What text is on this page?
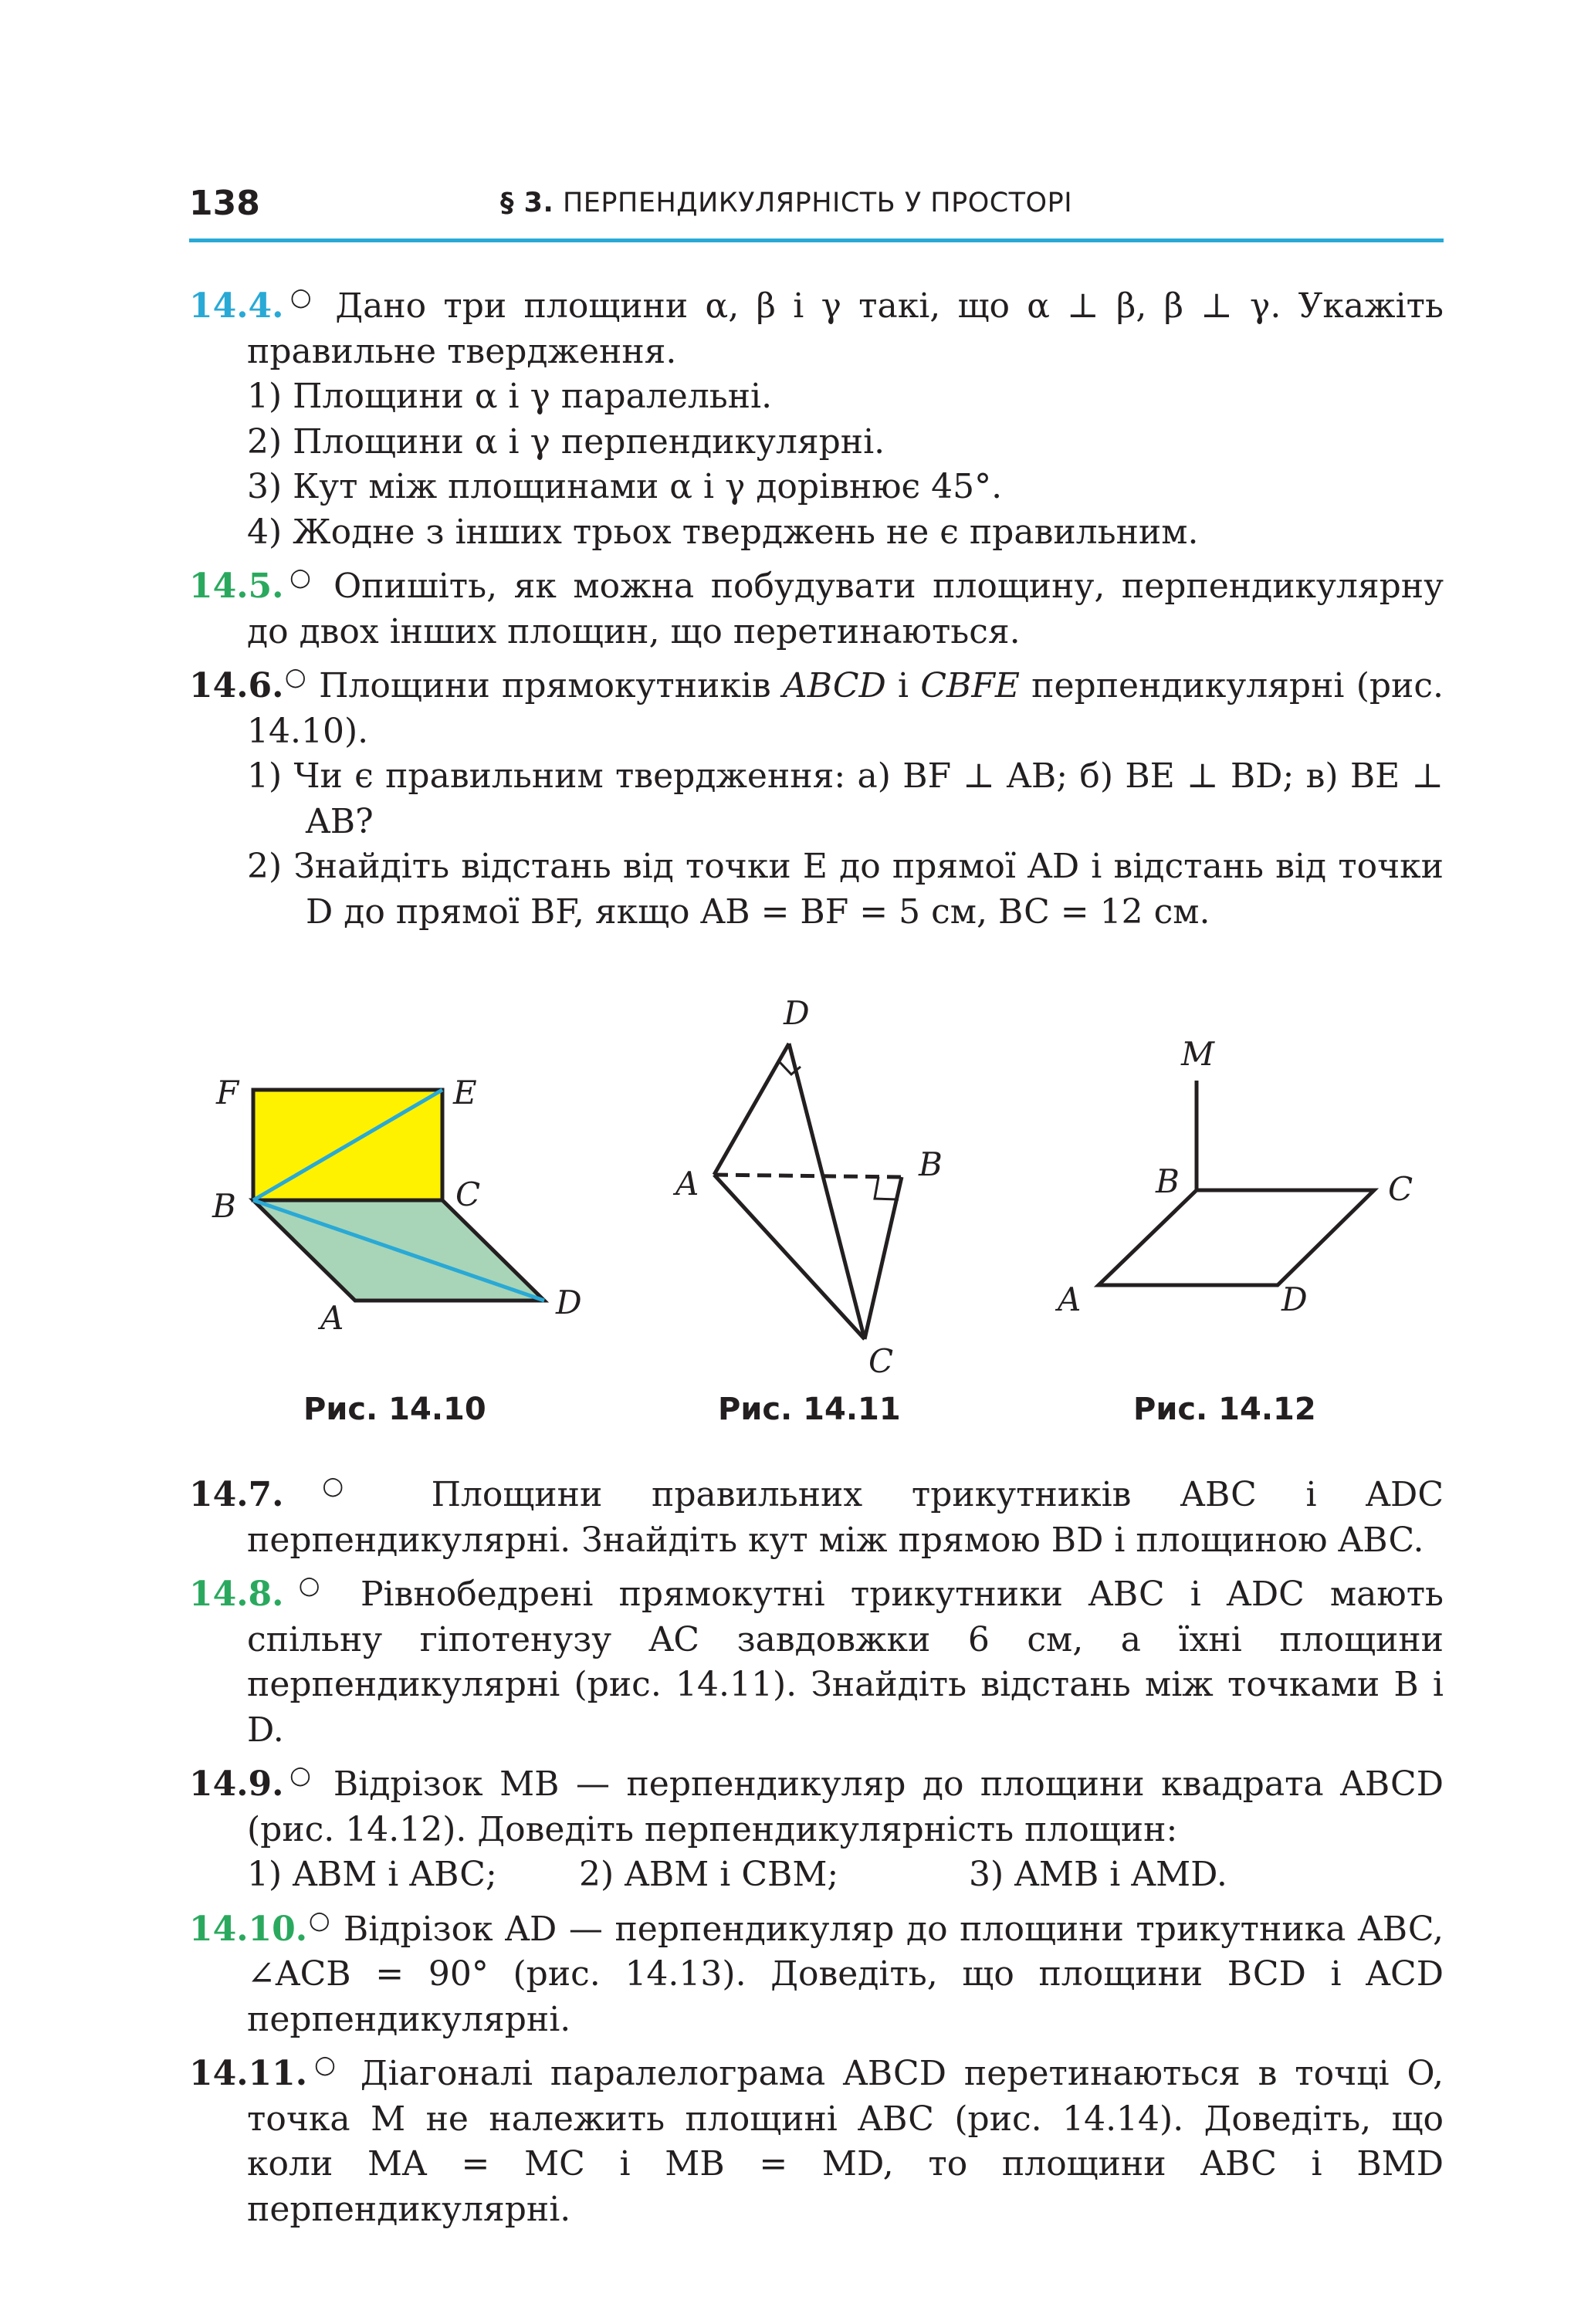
138	§ 3. ПЕРПЕНДИКУЛЯРНІСТЬ У ПРОСТОРІ

14.4.○ Дано три площини α, β і γ такі, що α ⊥ β, β ⊥ γ. Укажіть правильне твердження.

1) Площини α і γ паралельні.

2) Площини α і γ перпендикулярні.

3) Кут між площинами α і γ дорівнює 45°.

4) Жодне з інших трьох тверджень не є правильним.

14.5.○ Опишіть, як можна побудувати площину, перпендикулярну до двох інших площин, що перетинаються.

14.6.○ Площини прямокутників ABCD і CBFE перпендикулярні (рис. 14.10).

1) Чи є правильним твердження: а) BF ⊥ AB; б) BE ⊥ BD; в) BE ⊥ AB?

2) Знайдіть відстань від точки E до прямої AD і відстань від точки D до прямої BF, якщо AB = BF = 5 см, BC = 12 см.

F	E
B	C
A	D
D
A
B
C
M
B	C
A	D
Рис. 14.10	Рис. 14.11	Рис. 14.12

14.7.○ Площини правильних трикутників ABC і ADC перпендикулярні. Знайдіть кут між прямою BD і площиною ABC.

14.8.○ Рівнобедрені прямокутні трикутники ABC і ADC мають спільну гіпотенузу AC завдовжки 6 см, а їхні площини перпендикулярні (рис. 14.11). Знайдіть відстань між точками B і D.

14.9.○ Відрізок MB — перпендикуляр до площини квадрата ABCD (рис. 14.12). Доведіть перпендикулярність площин:

1) ABM і ABC;	2) ABM і CBM;	3) AMB і AMD.

14.10.○ Відрізок AD — перпендикуляр до площини трикутника ABC, ∠ACB = 90° (рис. 14.13). Доведіть, що площини BCD і ACD перпендикулярні.

14.11.○ Діагоналі паралелограма ABCD перетинаються в точці O, точка M не належить площині ABC (рис. 14.14). Доведіть, що коли MA = MC і MB = MD, то площини ABC і BMD перпендикулярні.
